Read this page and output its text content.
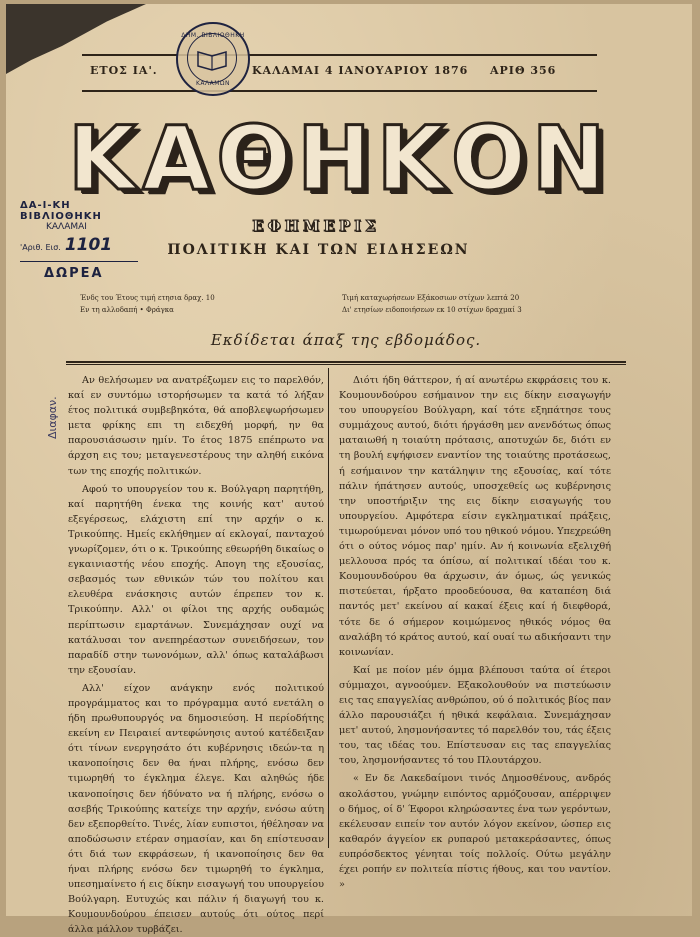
ΕΤΟΣ ΙΑ'.	ΚΑΛΑΜΑΙ 4 ΙΑΝΟΥΑΡΙΟΥ 1876 ΑΡΙΘ 356
ΔΗΜ. ΒΙΒΛΙΟΘΗΚΗ
ΚΑΛΑΜΩΝ
ΚΑΘΗΚΟΝ
ΕΦΗΜΕΡΙΣ
ΠΟΛΙΤΙΚΗ ΚΑΙ ΤΩΝ ΕΙΔΗΣΕΩΝ
ΔΑ-Ι-ΚΗ ΒΙΒΛΙΟΘΗΚΗ
ΚΑΛΑΜΑΙ
'Αριθ. Εισ. 1101
ΔΩΡΕΑ
Ένδς του Έτους τιμή ετησια δραχ. 10
Εν τη αλλοδαπή • Φράγκα
Τιμή καταχωρήσεων Εξάκοσιων στίχων λεπτά 20
Δι' ετησίων ειδοποιήσεων εκ 10 στίχων δραχμαί 3
Εκδίδεται άπαξ της εβδομάδος.
Διαφαν.

Αν θελήσωμεν να ανατρέξωμεν εις το παρελθόν, καί εν συντόμω ιστορήσωμεν τα κατά τό λήξαν έτος πολιτικά συμβεβηκότα, θά αποβλεψωρήσωμεν μετα φρίκης επι τη ειδεχθή μορφή, ην θα παρουσιάσωσιν ημίν. Το έτος 1875 επέπρωτο να άρχση εις του; μεταγενεστέρους την αληθή εικόνα των της εποχής πολιτικών.

Αφού το υπουργείον του κ. Βούλγαρη παρητήθη, καί παρητήθη ένεκα της κοινής κατ' αυτού εξεγέρσεως, ελάχιστη επί την αρχήν ο κ. Τρικούπης. Ημείς εκλήθημεν αί εκλογαί, πανταχού γνωρίζομεν, ότι ο κ. Τρικούπης εθεωρήθη δικαίως ο εγκαινιαστής νέου εποχής. Απογη της εξουσίας, σεβασμός των εθνικών τών του πολίτου και ελευθέρα ενάσκησις αυτών έπρεπεν τον κ. Τρικούπην. Αλλ' οι φίλοι της αρχής ουδαμώς περίπτωσιν εμαρτάνων. Συνεμάχησαν ουχί να κατάλυσαι τον ανεπηρέαστων συνειδήσεων, τον παραδίδ στην τωνονόμων, αλλ' όπως καταλάβωσι την εξουσίαν.

Αλλ' είχον ανάγκην ενός πολιτικού προγράμματος και το πρόγραμμα αυτό ενετάλη ο ήδη πρωθυπουργός να δημοσιεύση. Η περίοδήτης εκείνη εν Πειραιεί αντεφώνησις αυτού κατέδειξαν ότι τίνων ενεργησάτο ότι κυβέρνησις ιδεών-τα η ικανοποίησις δεν θα ήναι πλήρης, ενόσω δεν τιμωρηθή το έγκλημα έλεγε. Και αληθώς ήδε ικανοποίησις δεν ήδύνατο να ή πλήρης, ενόσω ο ασεβής Τρικούπης κατείχε την αρχήν, ενόσω αύτη δεν εξεπορθείτο. Τινές, λίαν ευπιστοι, ήθέλησαν να αποδώσωσιν ετέραν σημασίαν, και δη επίστευσαν ότι διά των εκφράσεων, ή ικανοποίησις δεν θα ήναι πλήρης ενόσω δεν τιμωρηθή το έγκλημα, υπεσημαίνετο ή εις δίκην εισαγωγή του υπουργείου Βούλγαρη. Ευτυχώς και πάλιν ή διαγωγή του κ. Κουμουνδούρου έπεισεν αυτούς ότι ούτος περί άλλα μάλλον τυρβάζει.

Διότι ήδη θάττερον, ή αί ανωτέρω εκφράσεις του κ. Κουμουνδούρου εσήμαινον την εις δίκην εισαγωγήν του υπουργείου Βούλγαρη, καί τότε εξηπάτησε τους συμμάχους αυτού, διότι ήργάσθη μεν ανενδότως όπως ματαιωθή η τοιαύτη πρότασις, αποτυχών δε, διότι εν τη βουλή εψήφισεν εναντίον της τοιαύτης προτάσεως, ή εσήμαινον την κατάληψιν της εξουσίας, καί τότε πάλιν ήπάτησεν αυτούς, υποσχεθείς ως κυβέρνησις την υποστήριξιν της εις δίκην εισαγωγής του υπουργείου. Αμφότερα είσιν εγκληματικαί πράξεις, τιμωρούμεναι μόνον υπό του ηθικού νόμου. Υπεχρεώθη ότι ο ούτος νόμος παρ' ημίν. Αν ή κοινωνία εξελιχθή μελλουσα πρός τα όπίσω, αί πολιτικαί ιδέαι του κ. Κουμουνδούρου θα άρχωσιν, άν όμως, ώς γενικώς πιστεύεται, ήρξατο προοδεύουσα, θα καταπέση διά παντός μετ' εκείνου αί κακαί έξεις καί ή διεφθορά, τότε δε ό σήμερον κοιμώμενος ηθικός νόμος θα αναλάβη τό κράτος αυτού, καί ουαί τω αδικήσαντι την κοινωνίαν.

Καί με ποίον μέν όμμα βλέπουσι ταύτα οί έτεροι σύμμαχοι, αγνοούμεν. Εξακολουθούν να πιστεύωσιν εις τας επαγγελίας ανθρώπου, ού ό πολιτικός βίος παν άλλο παρουσιάζει ή ηθικά κεφάλαια. Συνεμάχησαν μετ' αυτού, λησμονήσαντες τό παρελθόν του, τάς έξεις του, τας ιδέας του. Επίστευσαν εις τας επαγγελίας του, λησμονήσαντες τό του Πλουτάρχου.

« Εν δε Λακεδαίμονι τινός Δημοσθένους, ανδρός ακολάστου, γνώμην ειπόντος αρμόζουσαν, απέρριψεν ο δήμος, οί δ' Έφοροι κληρώσαντες ένα των γερόντων, εκέλευσαν ειπείν τον αυτόν λόγον εκείνον, ώσπερ εις καθαρόν άγγείον εκ ρυπαρού μετακεράσαντες, όπως ευπρόσδεκτος γένηται τοίς πολλοίς. Ούτω μεγάλην έχει ροπήν εν πολιτεία πίστις ήθους, και του ναντίον. »
